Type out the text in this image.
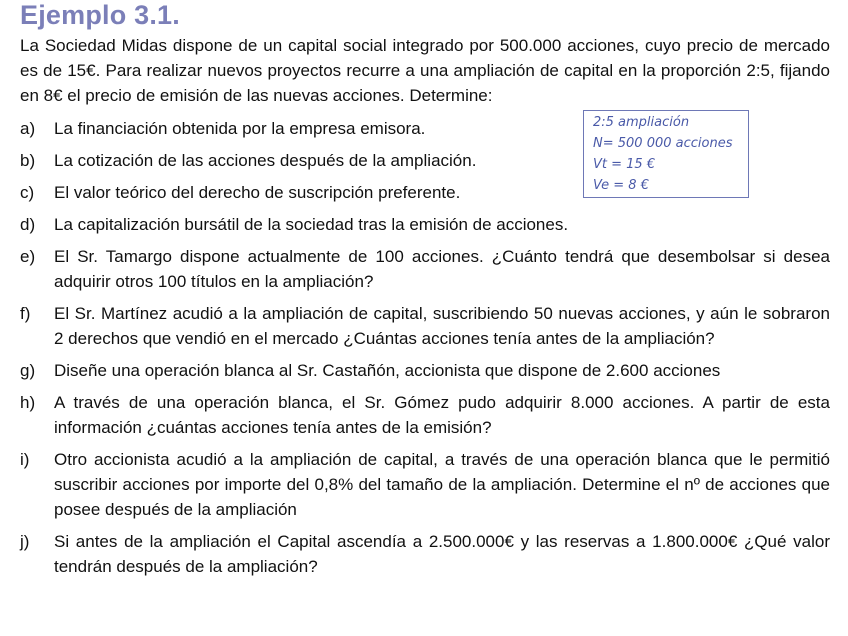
Ejemplo 3.1.
La Sociedad Midas dispone de un capital social integrado por 500.000 acciones, cuyo precio de mercado es de 15€. Para realizar nuevos proyectos recurre a una ampliación de capital en la proporción 2:5, fijando en 8€ el precio de emisión de las nuevas acciones. Determine:
a)	La financiación obtenida por la empresa emisora.
b)	La cotización de las acciones después de la ampliación.
c)	El valor teórico del derecho de suscripción preferente.
d)	La capitalización bursátil de la sociedad tras la emisión de acciones.
e)	El Sr. Tamargo dispone actualmente de 100 acciones. ¿Cuánto tendrá que desembolsar si desea adquirir otros 100 títulos en la ampliación?
f)	El Sr. Martínez acudió a la ampliación de capital, suscribiendo 50 nuevas acciones, y aún le sobraron 2 derechos que vendió en el mercado ¿Cuántas acciones tenía antes de la ampliación?
g)	Diseñe una operación blanca al Sr. Castañón, accionista que dispone de 2.600 acciones
h)	A través de una operación blanca, el Sr. Gómez pudo adquirir 8.000 acciones. A partir de esta información ¿cuántas acciones tenía antes de la emisión?
i)	Otro accionista acudió a la ampliación de capital, a través de una operación blanca que le permitió suscribir acciones por importe del 0,8% del tamaño de la ampliación. Determine el nº de acciones que posee después de la ampliación
j)	Si antes de la ampliación el Capital ascendía a 2.500.000€ y las reservas a 1.800.000€ ¿Qué valor tendrán después de la ampliación?
2:5 ampliación
N= 500 000 acciones
Vt = 15 €
Ve = 8 €
